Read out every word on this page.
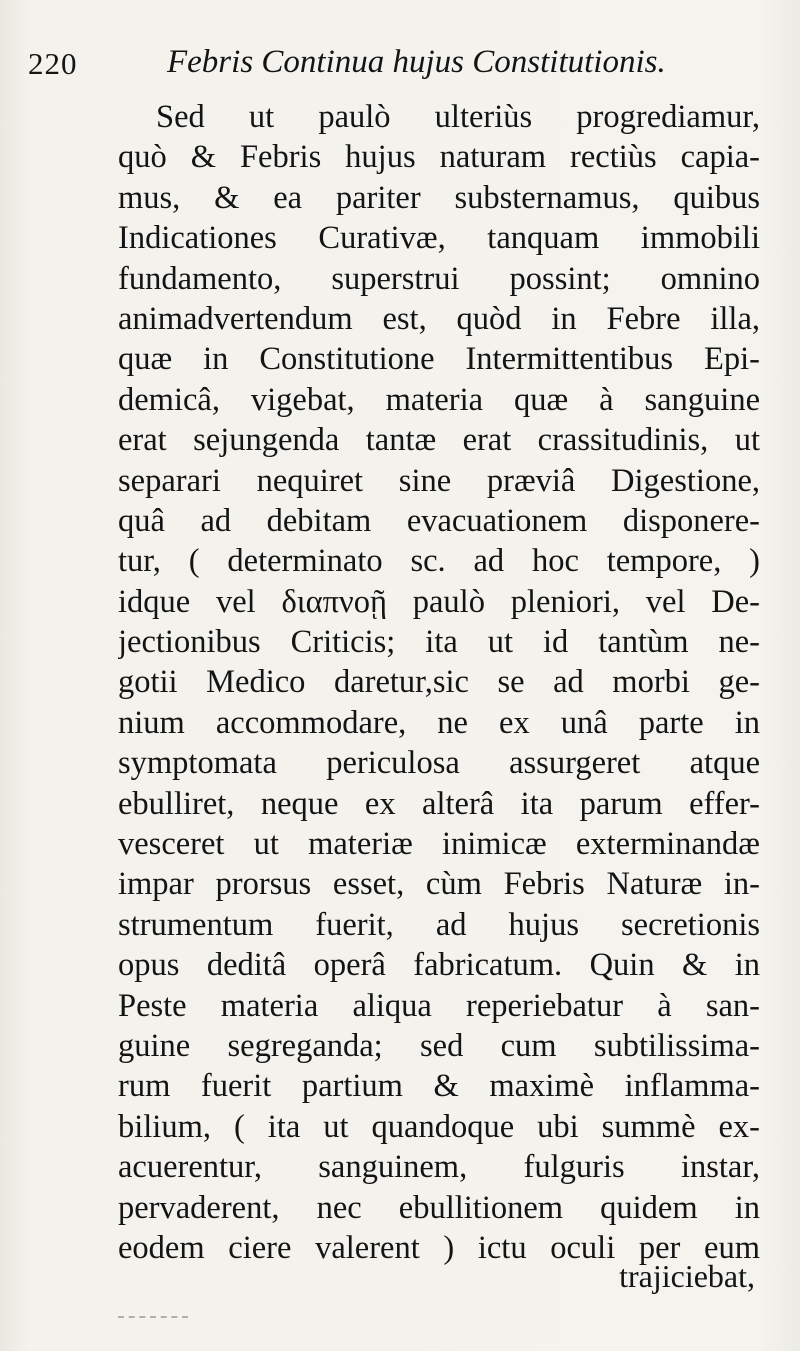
220	Febris Continua hujus Constitutionis.
Sed ut paulò ulteriùs progrediamur,
quò & Febris hujus naturam rectiùs capia-
mus, & ea pariter substernamus, quibus
Indicationes Curativæ, tanquam immobili
fundamento, superstrui possint; omnino
animadvertendum est, quòd in Febre illa,
quæ in Constitutione Intermittentibus Epi-
demicâ, vigebat, materia quæ à sanguine
erat sejungenda tantæ erat crassitudinis, ut
separari nequiret sine præviâ Digestione,
quâ ad debitam evacuationem disponere-
tur, ( determinato sc. ad hoc tempore, )
idque vel διαπνοῇ paulò pleniori, vel De-
jectionibus Criticis; ita ut id tantùm ne-
gotii Medico daretur,sic se ad morbi ge-
nium accommodare, ne ex unâ parte in
symptomata periculosa assurgeret atque
ebulliret, neque ex alterâ ita parum effer-
vesceret ut materiæ inimicæ exterminandæ
impar prorsus esset, cùm Febris Naturæ in-
strumentum fuerit, ad hujus secretionis
opus deditâ operâ fabricatum. Quin & in
Peste materia aliqua reperiebatur à san-
guine segreganda; sed cum subtilissima-
rum fuerit partium & maximè inflamma-
bilium, ( ita ut quandoque ubi summè ex-
acuerentur, sanguinem, fulguris instar,
pervaderent, nec ebullitionem quidem in
eodem ciere valerent ) ictu oculi per eum
trajiciebat,
